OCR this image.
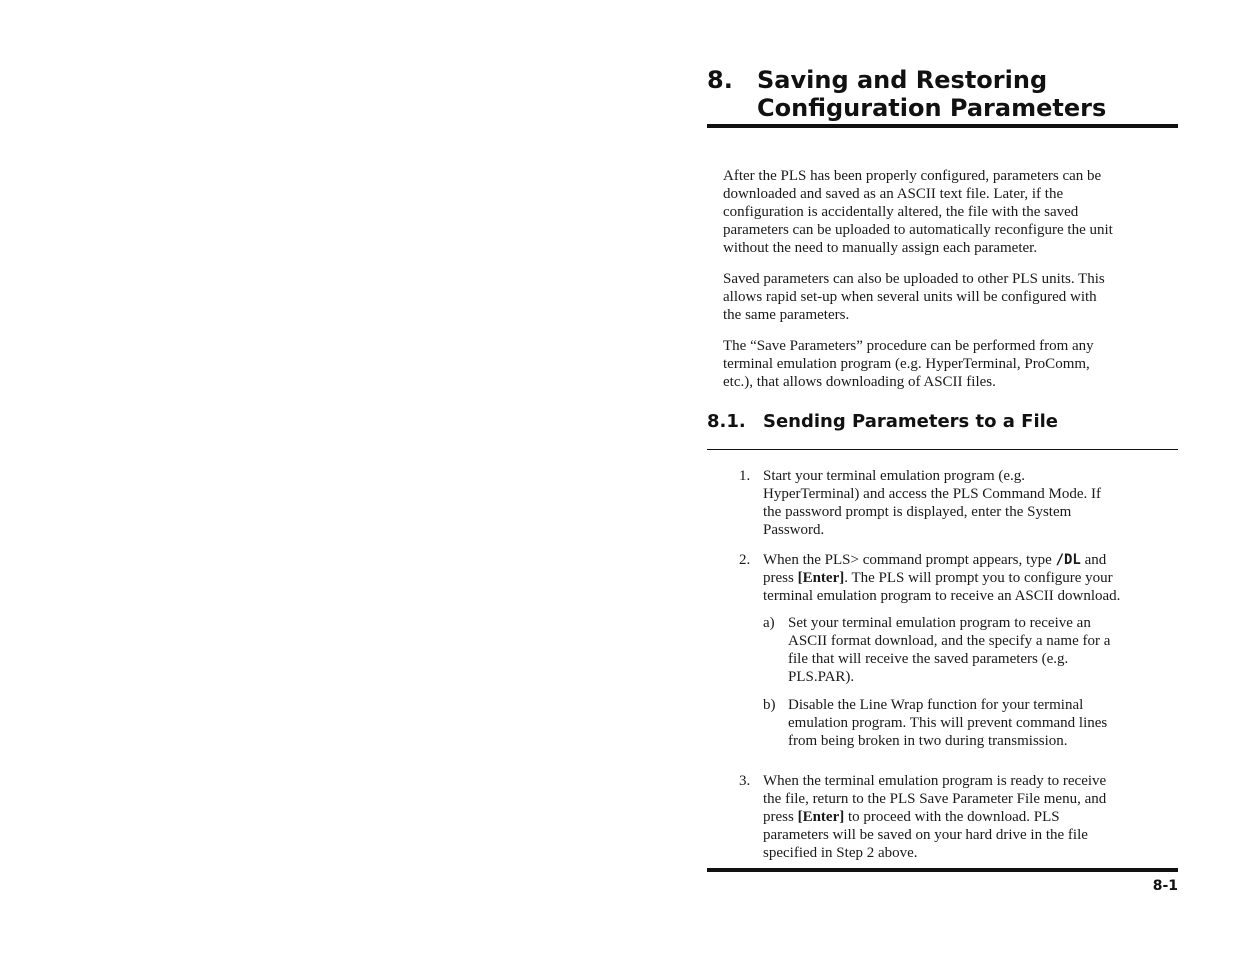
8.	Saving and Restoring
Configuration Parameters

After the PLS has been properly configured, parameters can be
downloaded and saved as an ASCII text file. Later, if the
configuration is accidentally altered, the file with the saved
parameters can be uploaded to automatically reconfigure the unit
without the need to manually assign each parameter.

Saved parameters can also be uploaded to other PLS units. This
allows rapid set-up when several units will be configured with
the same parameters.

The “Save Parameters” procedure can be performed from any
terminal emulation program (e.g. HyperTerminal, ProComm,
etc.), that allows downloading of ASCII files.

8.1. Sending Parameters to a File
1. Start your terminal emulation program (e.g.
HyperTerminal) and access the PLS Command Mode. If
the password prompt is displayed, enter the System
Password.
2. When the PLS> command prompt appears, type /DL and
press [Enter]. The PLS will prompt you to configure your
terminal emulation program to receive an ASCII download.
a) Set your terminal emulation program to receive an
ASCII format download, and the specify a name for a
file that will receive the saved parameters (e.g.
PLS.PAR).
b) Disable the Line Wrap function for your terminal
emulation program. This will prevent command lines
from being broken in two during transmission.
3. When the terminal emulation program is ready to receive
the file, return to the PLS Save Parameter File menu, and
press [Enter] to proceed with the download. PLS
parameters will be saved on your hard drive in the file
specified in Step 2 above.
8-1
